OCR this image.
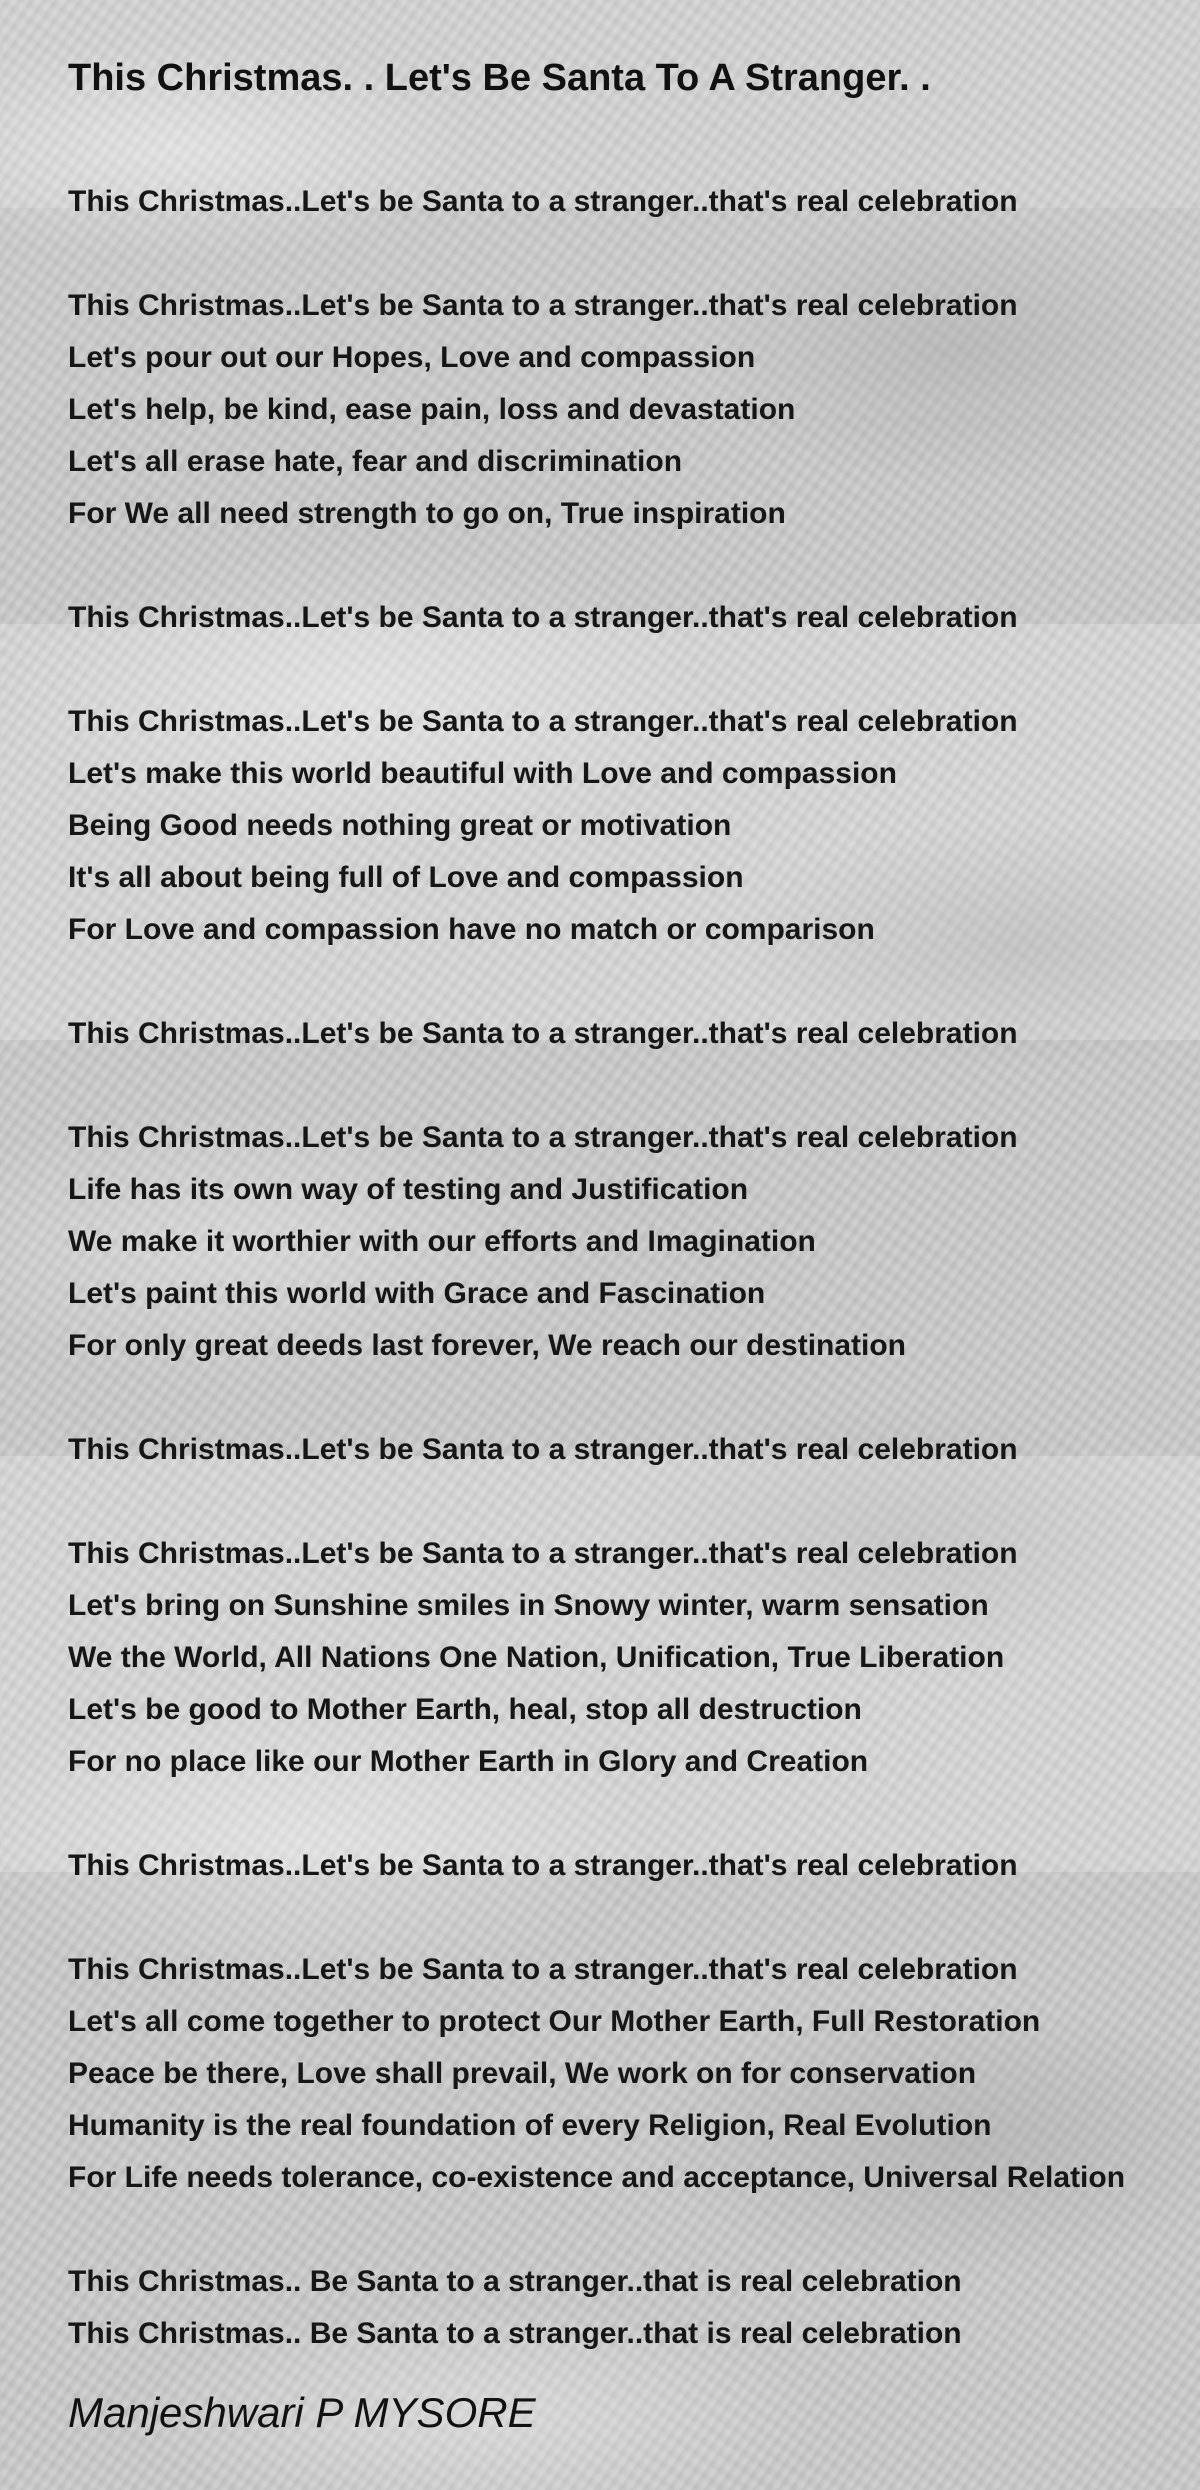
This Christmas. . Let's Be Santa To A Stranger. .
This Christmas..Let's be Santa to a stranger..that's real celebration
This Christmas..Let's be Santa to a stranger..that's real celebration
Let's pour out our Hopes, Love and compassion
Let's help, be kind, ease pain, loss and devastation
Let's all erase hate, fear and discrimination
For We all need strength to go on, True inspiration
This Christmas..Let's be Santa to a stranger..that's real celebration
This Christmas..Let's be Santa to a stranger..that's real celebration
Let's make this world beautiful with Love and compassion
Being Good needs nothing great or motivation
It's all about being full of Love and compassion
For Love and compassion have no match or comparison
This Christmas..Let's be Santa to a stranger..that's real celebration
This Christmas..Let's be Santa to a stranger..that's real celebration
Life has its own way of testing and Justification
We make it worthier with our efforts and Imagination
Let's paint this world with Grace and Fascination
For only great deeds last forever, We reach our destination
This Christmas..Let's be Santa to a stranger..that's real celebration
This Christmas..Let's be Santa to a stranger..that's real celebration
Let's bring on Sunshine smiles in Snowy winter, warm sensation
We the World, All Nations One Nation, Unification, True Liberation
Let's be good to Mother Earth, heal, stop all destruction
For no place like our Mother Earth in Glory and Creation
This Christmas..Let's be Santa to a stranger..that's real celebration
This Christmas..Let's be Santa to a stranger..that's real celebration
Let's all come together to protect Our Mother Earth, Full Restoration
Peace be there, Love shall prevail, We work on for conservation
Humanity is the real foundation of every Religion, Real Evolution
For Life needs tolerance, co-existence and acceptance, Universal Relation
This Christmas.. Be Santa to a stranger..that is real celebration
This Christmas.. Be Santa to a stranger..that is real celebration
Manjeshwari P MYSORE
